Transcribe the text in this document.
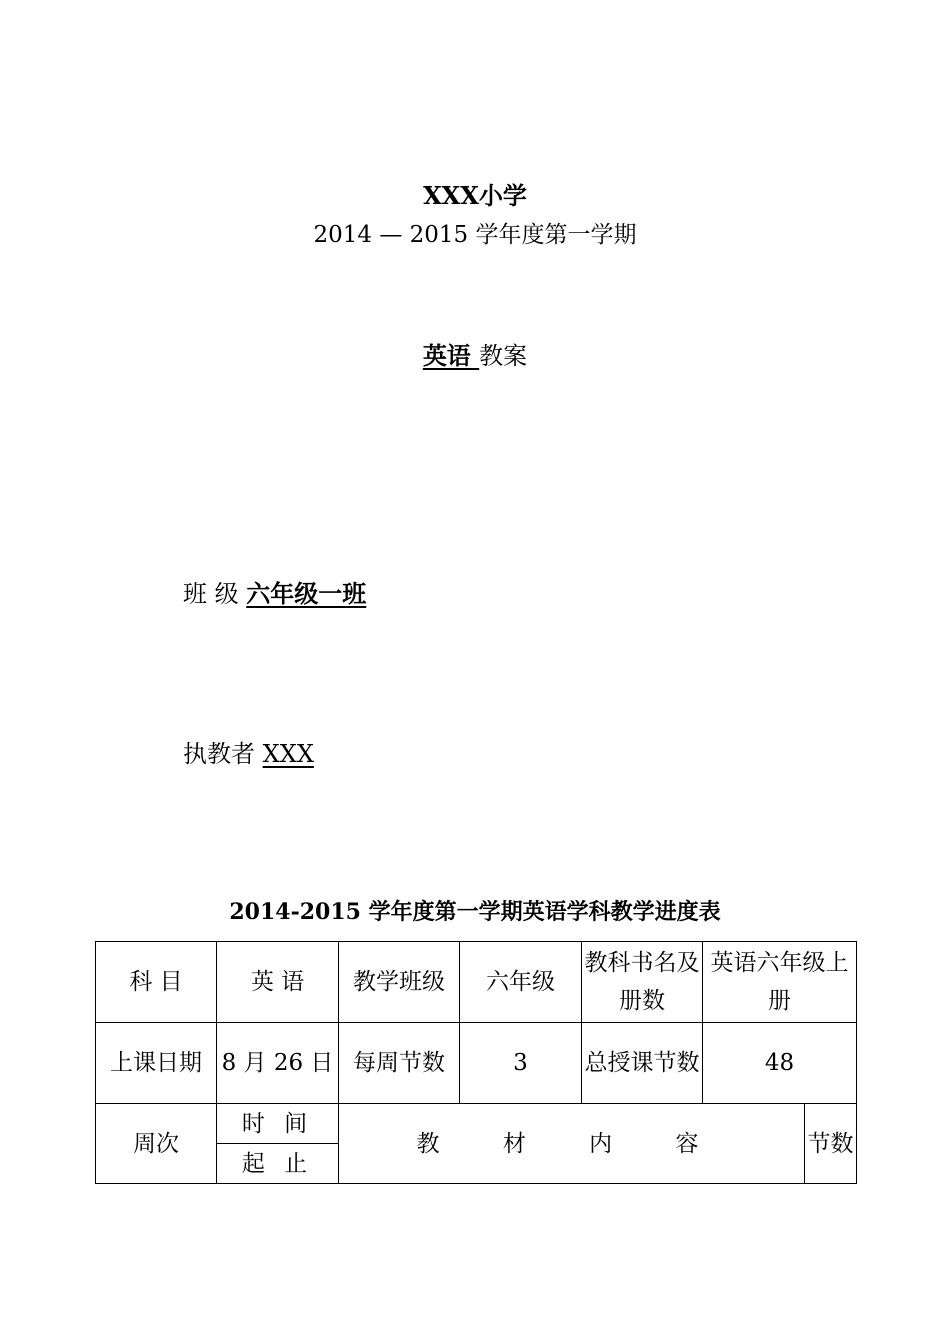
XXX小学
2014 — 2015 学年度第一学期
英语 教案
班 级 六年级一班
执教者 XXX
2014-2015 学年度第一学期英语学科教学进度表
科 目	英 语	教学班级	六年级	教科书名及册数	英语六年级上册	
上课日期	8 月 26 日	每周节数	3	总授课节数	48	
周次	时 间	教 材 内 容				节数
	起 止					
